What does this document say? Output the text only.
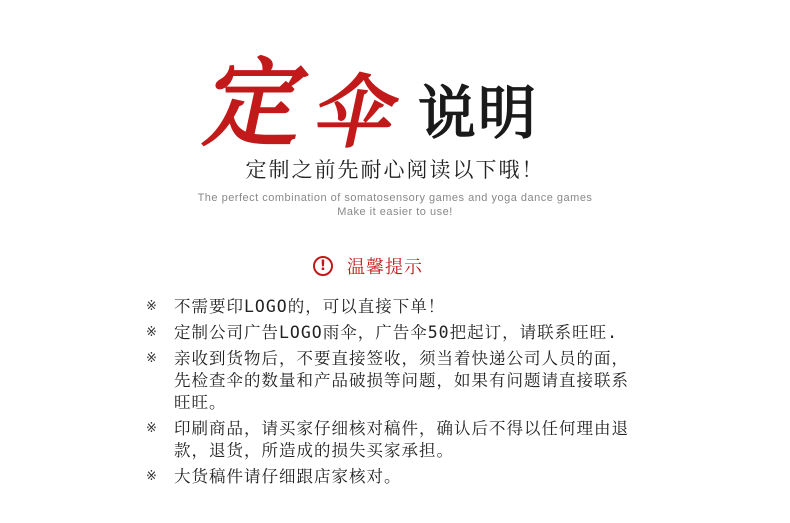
定
伞 说明
定制之前先耐心阅读以下哦！
The perfect combination of somatosensory games and yoga dance games
Make it easier to use!
!	温馨提示
※	不需要印LOGO的，可以直接下单！
※	定制公司广告LOGO雨伞，广告伞50把起订，请联系旺旺.
※	亲收到货物后，不要直接签收，须当着快递公司人员的面，
先检查伞的数量和产品破损等问题，如果有问题请直接联系
旺旺。
※	印刷商品，请买家仔细核对稿件，确认后不得以任何理由退
款，退货，所造成的损失买家承担。
※	大货稿件请仔细跟店家核对。
